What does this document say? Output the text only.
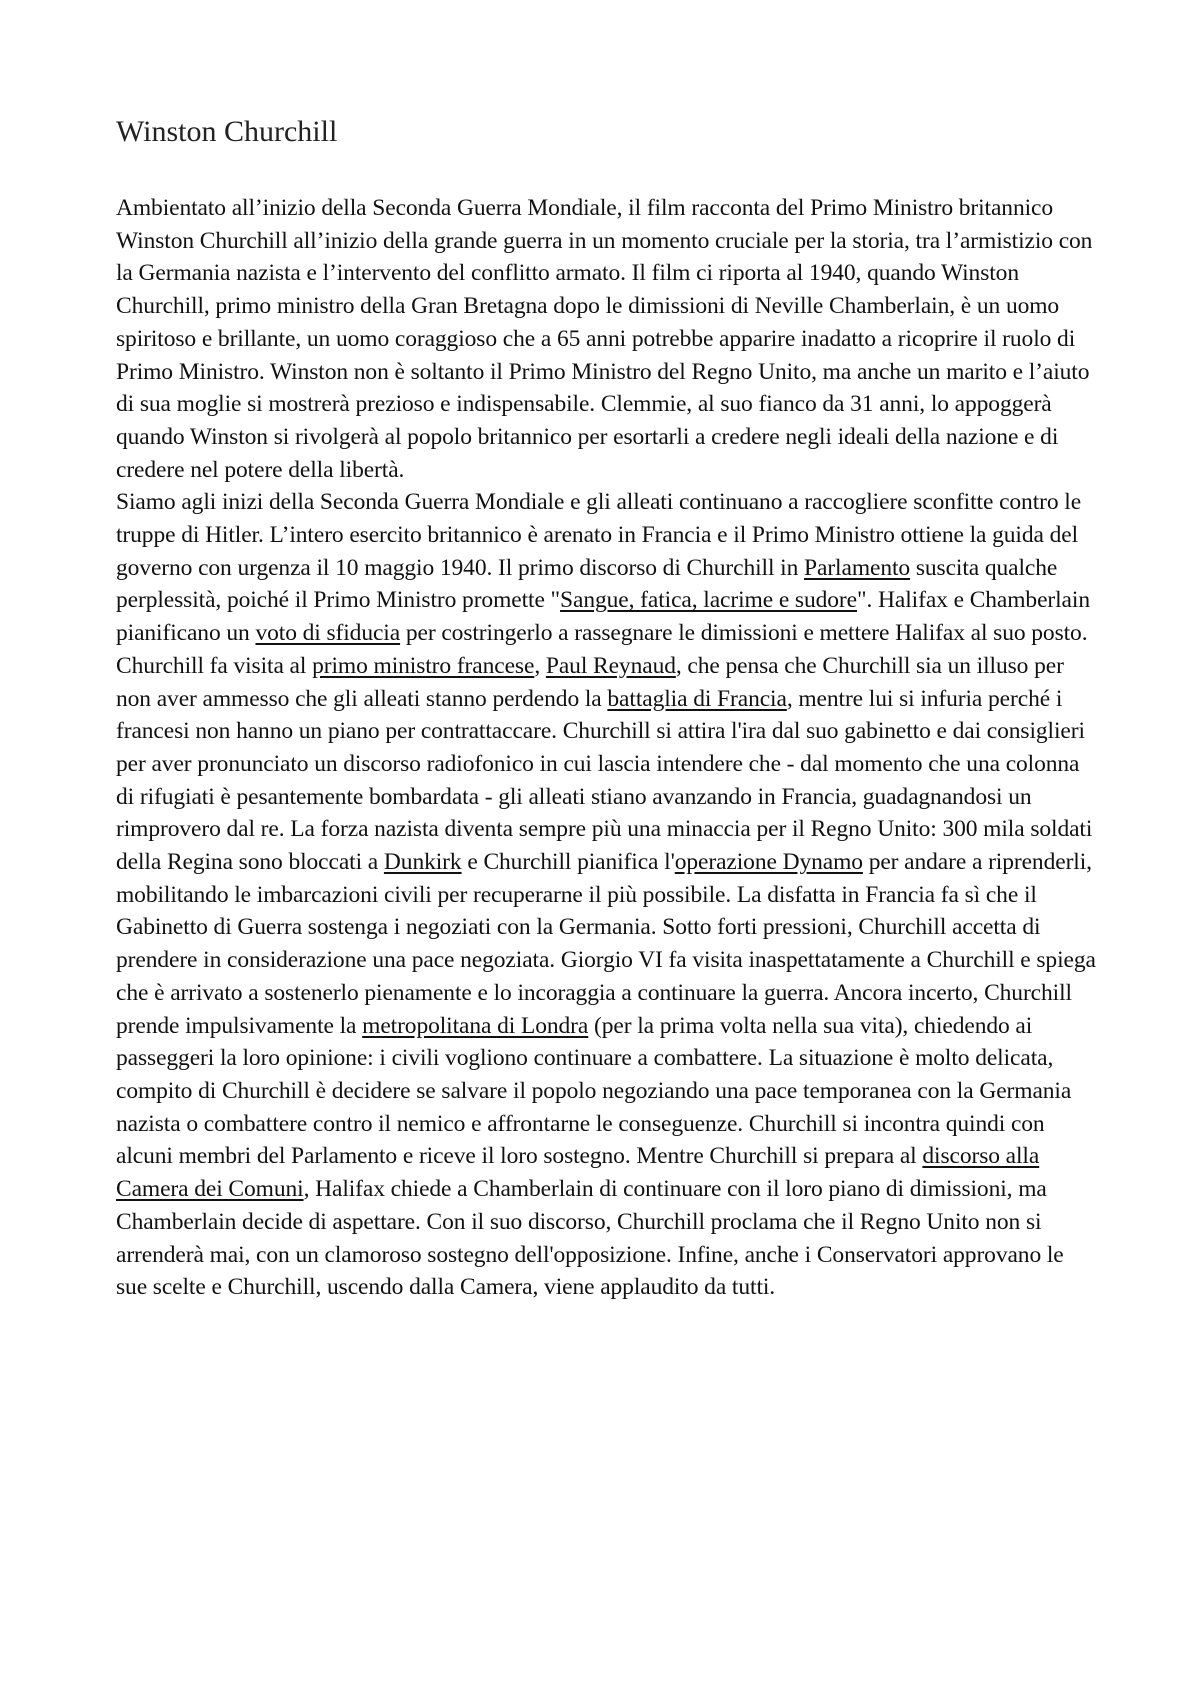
Winston Churchill

Ambientato all’inizio della Seconda Guerra Mondiale, il film racconta del Primo Ministro britannico Winston Churchill all’inizio della grande guerra in un momento cruciale per la storia, tra l’armistizio con la Germania nazista e l’intervento del conflitto armato. Il film ci riporta al 1940, quando Winston Churchill, primo ministro della Gran Bretagna dopo le dimissioni di Neville Chamberlain, è un uomo spiritoso e brillante, un uomo coraggioso che a 65 anni potrebbe apparire inadatto a ricoprire il ruolo di Primo Ministro. Winston non è soltanto il Primo Ministro del Regno Unito, ma anche un marito e l’aiuto di sua moglie si mostrerà prezioso e indispensabile. Clemmie, al suo fianco da 31 anni, lo appoggerà quando Winston si rivolgerà al popolo britannico per esortarli a credere negli ideali della nazione e di credere nel potere della libertà.

Siamo agli inizi della Seconda Guerra Mondiale e gli alleati continuano a raccogliere sconfitte contro le truppe di Hitler. L’intero esercito britannico è arenato in Francia e il Primo Ministro ottiene la guida del governo con urgenza il 10 maggio 1940. Il primo discorso di Churchill in Parlamento suscita qualche perplessità, poiché il Primo Ministro promette "Sangue, fatica, lacrime e sudore". Halifax e Chamberlain pianificano un voto di sfiducia per costringerlo a rassegnare le dimissioni e mettere Halifax al suo posto. Churchill fa visita al primo ministro francese, Paul Reynaud, che pensa che Churchill sia un illuso per non aver ammesso che gli alleati stanno perdendo la battaglia di Francia, mentre lui si infuria perché i francesi non hanno un piano per contrattaccare. Churchill si attira l'ira dal suo gabinetto e dai consiglieri per aver pronunciato un discorso radiofonico in cui lascia intendere che - dal momento che una colonna di rifugiati è pesantemente bombardata - gli alleati stiano avanzando in Francia, guadagnandosi un rimprovero dal re. La forza nazista diventa sempre più una minaccia per il Regno Unito: 300 mila soldati della Regina sono bloccati a Dunkirk e Churchill pianifica l'operazione Dynamo per andare a riprenderli, mobilitando le imbarcazioni civili per recuperarne il più possibile. La disfatta in Francia fa sì che il Gabinetto di Guerra sostenga i negoziati con la Germania. Sotto forti pressioni, Churchill accetta di prendere in considerazione una pace negoziata. Giorgio VI fa visita inaspettatamente a Churchill e spiega che è arrivato a sostenerlo pienamente e lo incoraggia a continuare la guerra. Ancora incerto, Churchill prende impulsivamente la metropolitana di Londra (per la prima volta nella sua vita), chiedendo ai passeggeri la loro opinione: i civili vogliono continuare a combattere. La situazione è molto delicata, compito di Churchill è decidere se salvare il popolo negoziando una pace temporanea con la Germania nazista o combattere contro il nemico e affrontarne le conseguenze. Churchill si incontra quindi con alcuni membri del Parlamento e riceve il loro sostegno. Mentre Churchill si prepara al discorso alla Camera dei Comuni, Halifax chiede a Chamberlain di continuare con il loro piano di dimissioni, ma Chamberlain decide di aspettare. Con il suo discorso, Churchill proclama che il Regno Unito non si arrenderà mai, con un clamoroso sostegno dell'opposizione. Infine, anche i Conservatori approvano le sue scelte e Churchill, uscendo dalla Camera, viene applaudito da tutti.
